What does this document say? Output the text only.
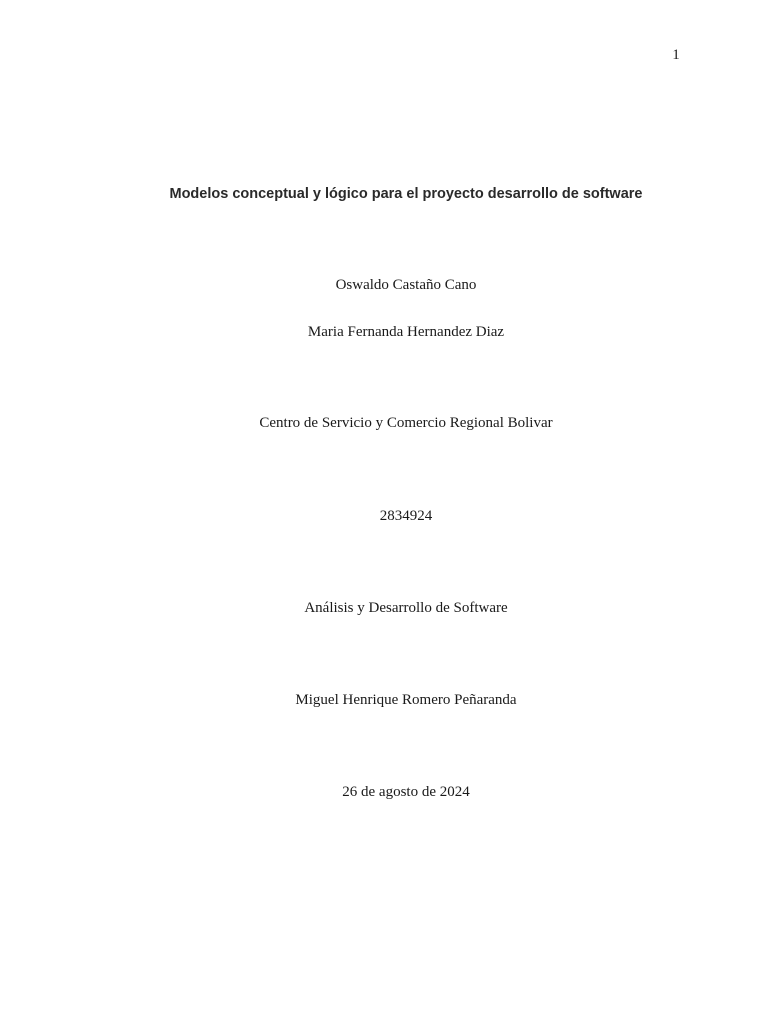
1
Modelos conceptual y lógico para el proyecto desarrollo de software
Oswaldo Castaño Cano
Maria Fernanda Hernandez Diaz
Centro de Servicio y Comercio Regional Bolivar
2834924
Análisis y Desarrollo de Software
Miguel Henrique Romero Peñaranda
26 de agosto de 2024
